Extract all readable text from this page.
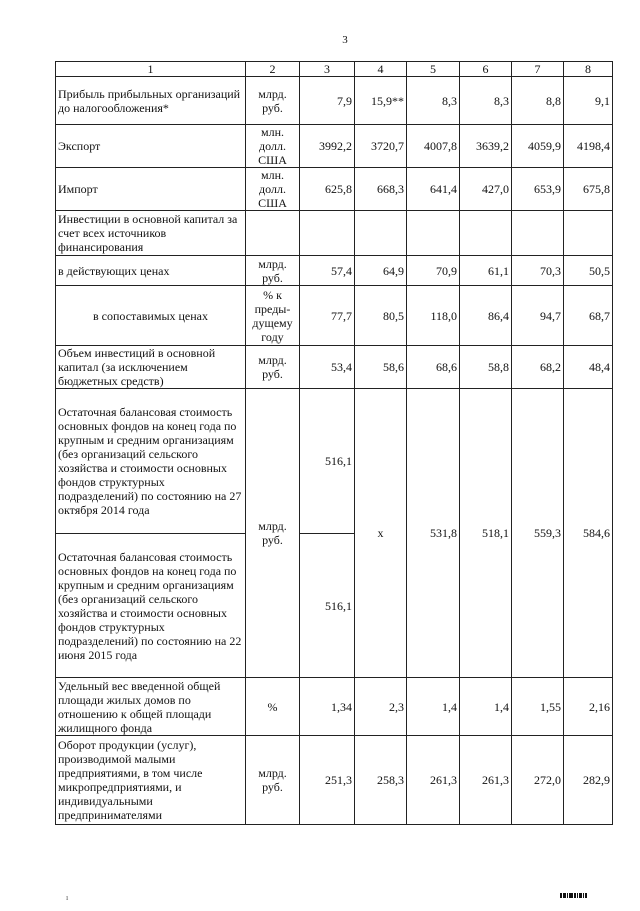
3
1	2	3	4	5	6	7	8
Прибыль прибыльных организаций до налогообложения*	млрд. руб.	7,9	15,9**	8,3	8,3	8,8	9,1
Экспорт	млн. долл. США	3992,2	3720,7	4007,8	3639,2	4059,9	4198,4
Импорт	млн. долл. США	625,8	668,3	641,4	427,0	653,9	675,8
Инвестиции в основной капитал за счет всех источников финансирования							
в действующих ценах	млрд. руб.	57,4	64,9	70,9	61,1	70,3	50,5
в сопоставимых ценах	% к преды-дущему году	77,7	80,5	118,0	86,4	94,7	68,7
Объем инвестиций в основной капитал (за исключением бюджетных средств)	млрд. руб.	53,4	58,6	68,6	58,8	68,2	48,4
Остаточная балансовая стоимость основных фондов на конец года по крупным и средним организациям (без организаций сельского хозяйства и стоимости основных фондов структурных подразделений) по состоянию на 27 октября 2014 года	млрд. руб.	516,1	х	531,8	518,1	559,3	584,6
Остаточная балансовая стоимость основных фондов на конец года по крупным и средним организациям (без организаций сельского хозяйства и стоимости основных фондов структурных подразделений) по состоянию на 22 июня 2015 года		516,1					
Удельный вес введенной общей площади жилых домов по отношению к общей площади жилищного фонда	%	1,34	2,3	1,4	1,4	1,55	2,16
Оборот продукции (услуг), производимой малыми предприятиями, в том числе микропредприятиями, и индивидуальными предпринимателями	млрд. руб.	251,3	258,3	261,3	261,3	272,0	282,9
ı
